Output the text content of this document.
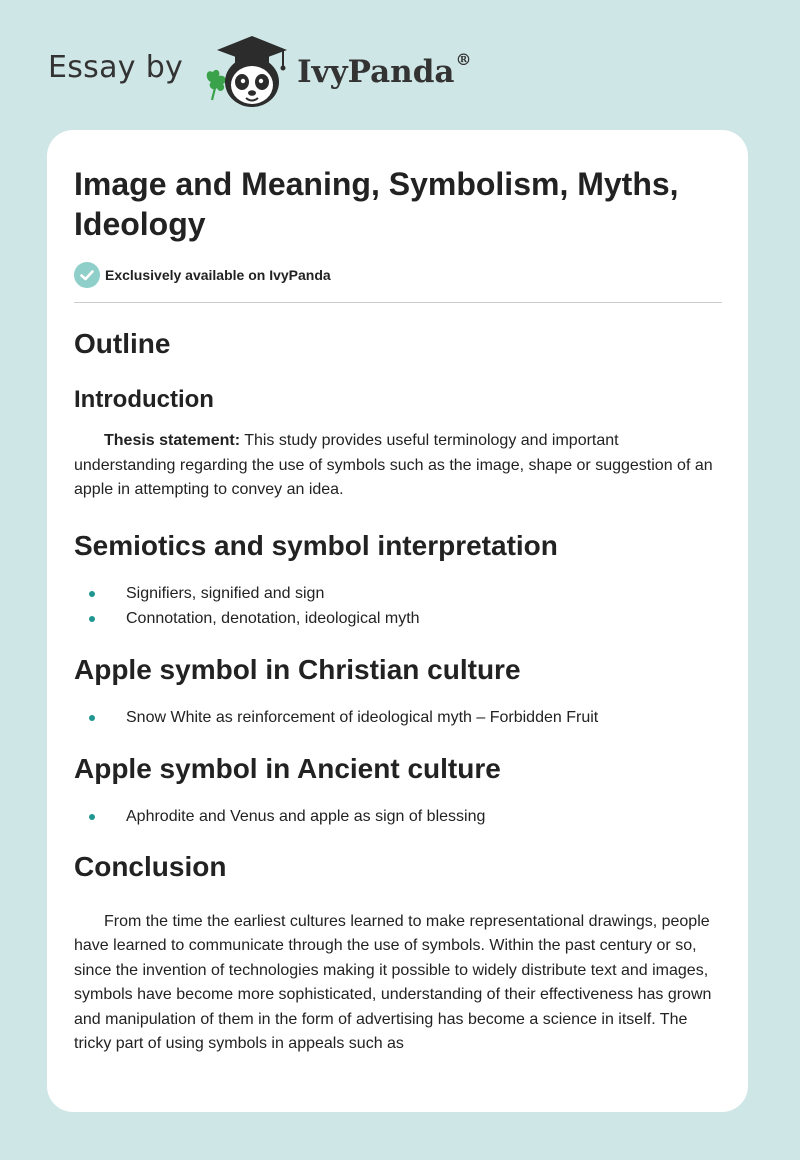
Essay by	IvyPanda®
Image and Meaning, Symbolism, Myths, Ideology
Exclusively available on IvyPanda
Outline
Introduction

Thesis statement: This study provides useful terminology and important understanding regarding the use of symbols such as the image, shape or suggestion of an apple in attempting to convey an idea.

Semiotics and symbol interpretation
Signifiers, signified and sign
Connotation, denotation, ideological myth
Apple symbol in Christian culture
Snow White as reinforcement of ideological myth – Forbidden Fruit
Apple symbol in Ancient culture
Aphrodite and Venus and apple as sign of blessing
Conclusion

From the time the earliest cultures learned to make representational drawings, people have learned to communicate through the use of symbols. Within the past century or so, since the invention of technologies making it possible to widely distribute text and images, symbols have become more sophisticated, understanding of their effectiveness has grown and manipulation of them in the form of advertising has become a science in itself. The tricky part of using symbols in appeals such as
